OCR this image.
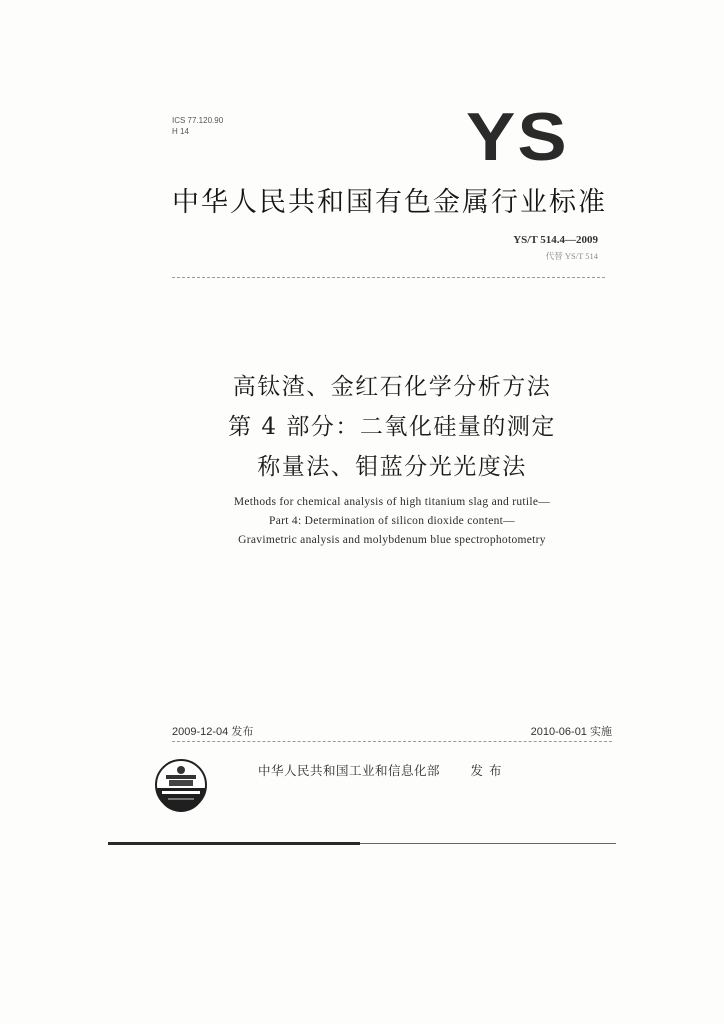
ICS 77.120.90
H 14	YS
中华人民共和国有色金属行业标准
YS/T 514.4—2009
代替 YS/T 514
高钛渣、金红石化学分析方法
第 4 部分：二氧化硅量的测定
称量法、钼蓝分光光度法
Methods for chemical analysis of high titanium slag and rutile—
Part 4: Determination of silicon dioxide content—
Gravimetric analysis and molybdenum blue spectrophotometry
2009-12-04 发布	2010-06-01 实施
中华人民共和国工业和信息化部 发布
